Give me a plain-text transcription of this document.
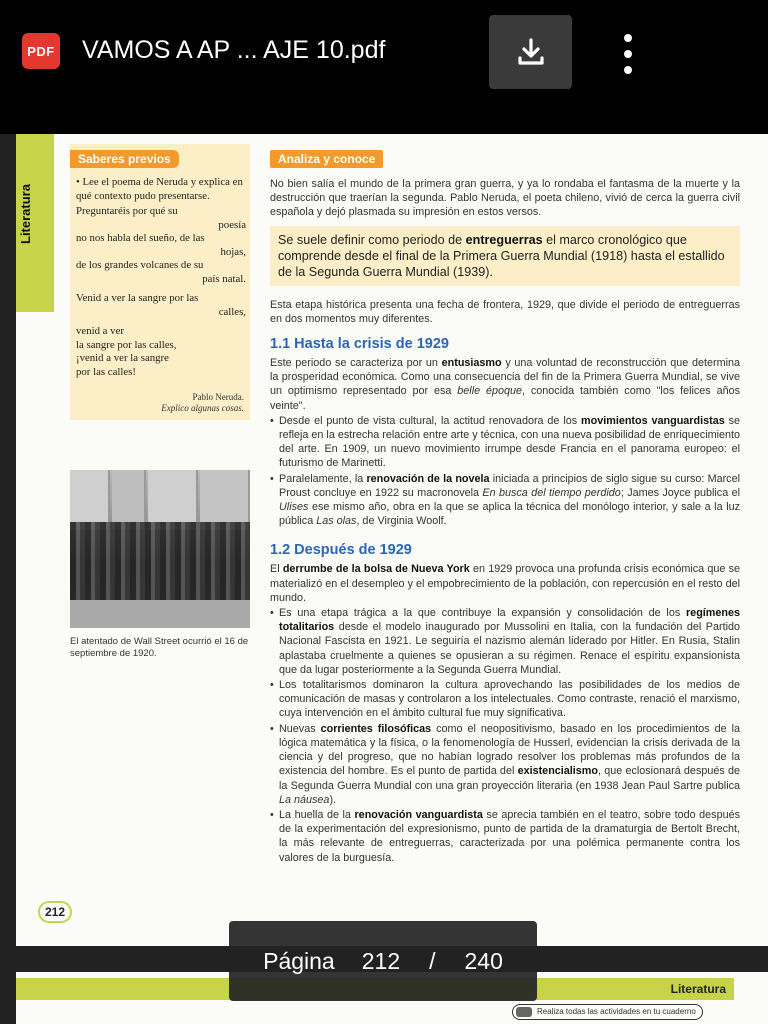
PDF VAMOS A AP ... AJE 10.pdf
Literatura
Saberes previos

• Lee el poema de Neruda y explica en qué contexto pudo presentarse.

Preguntaréis por qué su
poesía
no nos habla del sueño, de las
hojas,
de los grandes volcanes de su
país natal.
Venid a ver la sangre por las
calles,
venid a ver
la sangre por las calles,
¡venid a ver la sangre
por las calles!
Pablo Neruda.
Explico algunas cosas.
El atentado de Wall Street ocurrió el 16 de septiembre de 1920.
Analiza y conoce

No bien salía el mundo de la primera gran guerra, y ya lo rondaba el fantasma de la muerte y la destrucción que traerían la segunda. Pablo Neruda, el poeta chileno, vivió de cerca la guerra civil española y dejó plasmada su impresión en estos versos.

Se suele definir como periodo de entreguerras el marco cronológico que comprende desde el final de la Primera Guerra Mundial (1918) hasta el estallido de la Segunda Guerra Mundial (1939).

Esta etapa histórica presenta una fecha de frontera, 1929, que divide el periodo de entreguerras en dos momentos muy diferentes.

1.1 Hasta la crisis de 1929

Este periodo se caracteriza por un entusiasmo y una voluntad de reconstrucción que determina la prosperidad económica. Como una consecuencia del fin de la Primera Guerra Mundial, se vive un optimismo representado por esa belle époque, conocida también como "los felices años veinte".

• Desde el punto de vista cultural, la actitud renovadora de los movimientos vanguardistas se refleja en la estrecha relación entre arte y técnica, con una nueva posibilidad de enriquecimiento del arte. En 1909, un nuevo movimiento irrumpe desde Francia en el panorama europeo: el futurismo de Marinetti.
• Paralelamente, la renovación de la novela iniciada a principios de siglo sigue su curso: Marcel Proust concluye en 1922 su macronovela En busca del tiempo perdido; James Joyce publica el Ulises ese mismo año, obra en la que se aplica la técnica del monólogo interior, y sale a la luz pública Las olas, de Virginia Woolf.
1.2 Después de 1929

El derrumbe de la bolsa de Nueva York en 1929 provoca una profunda crisis económica que se materializó en el desempleo y el empobrecimiento de la población, con repercusión en el resto del mundo.

• Es una etapa trágica a la que contribuye la expansión y consolidación de los regímenes totalitarios desde el modelo inaugurado por Mussolini en Italia, con la fundación del Partido Nacional Fascista en 1921. Le seguiría el nazismo alemán liderado por Hitler. En Rusia, Stalin aplastaba cruelmente a quienes se opusieran a su régimen. Renace el espíritu expansionista que da lugar posteriormente a la Segunda Guerra Mundial.
• Los totalitarismos dominaron la cultura aprovechando las posibilidades de los medios de comunicación de masas y controlaron a los intelectuales. Como contraste, renació el marxismo, cuya intervención en el ámbito cultural fue muy significativa.
• Nuevas corrientes filosóficas como el neopositivismo, basado en los procedimientos de la lógica matemática y la física, o la fenomenología de Husserl, evidencian la crisis derivada de la ciencia y del progreso, que no habían logrado resolver los problemas más profundos de la existencia del hombre. Es el punto de partida del existencialismo, que eclosionará después de la Segunda Guerra Mundial con una gran proyección literaria (en 1938 Jean Paul Sartre publica La náusea).
• La huella de la renovación vanguardista se aprecia también en el teatro, sobre todo después de la experimentación del expresionismo, punto de partida de la dramaturgia de Bertolt Brecht, la más relevante de entreguerras, caracterizada por una polémica permanente contra los valores de la burguesía.
212
Literatura
Realiza todas las actividades en tu cuaderno
Página 212 / 240
